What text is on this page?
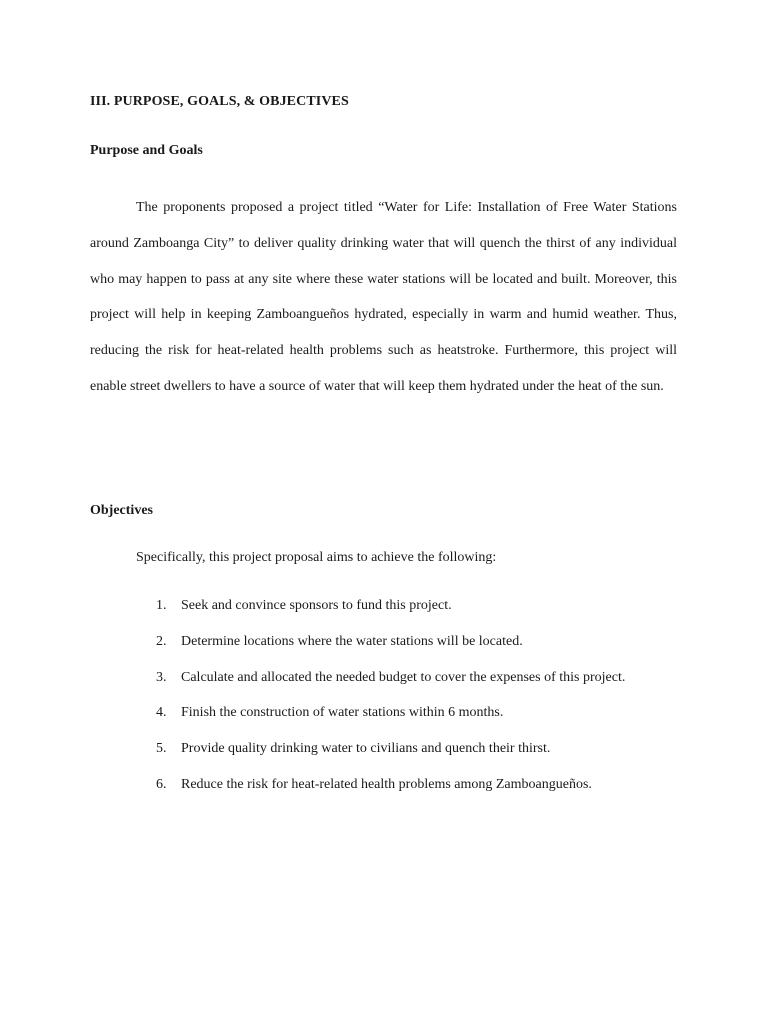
III. PURPOSE, GOALS, & OBJECTIVES
Purpose and Goals

The proponents proposed a project titled “Water for Life: Installation of Free Water Stations around Zamboanga City” to deliver quality drinking water that will quench the thirst of any individual who may happen to pass at any site where these water stations will be located and built. Moreover, this project will help in keeping Zamboangueños hydrated, especially in warm and humid weather. Thus, reducing the risk for heat-related health problems such as heatstroke. Furthermore, this project will enable street dwellers to have a source of water that will keep them hydrated under the heat of the sun.

Objectives

Specifically, this project proposal aims to achieve the following:

1. Seek and convince sponsors to fund this project.
2. Determine locations where the water stations will be located.
3. Calculate and allocated the needed budget to cover the expenses of this project.
4. Finish the construction of water stations within 6 months.
5. Provide quality drinking water to civilians and quench their thirst.
6. Reduce the risk for heat-related health problems among Zamboangueños.
